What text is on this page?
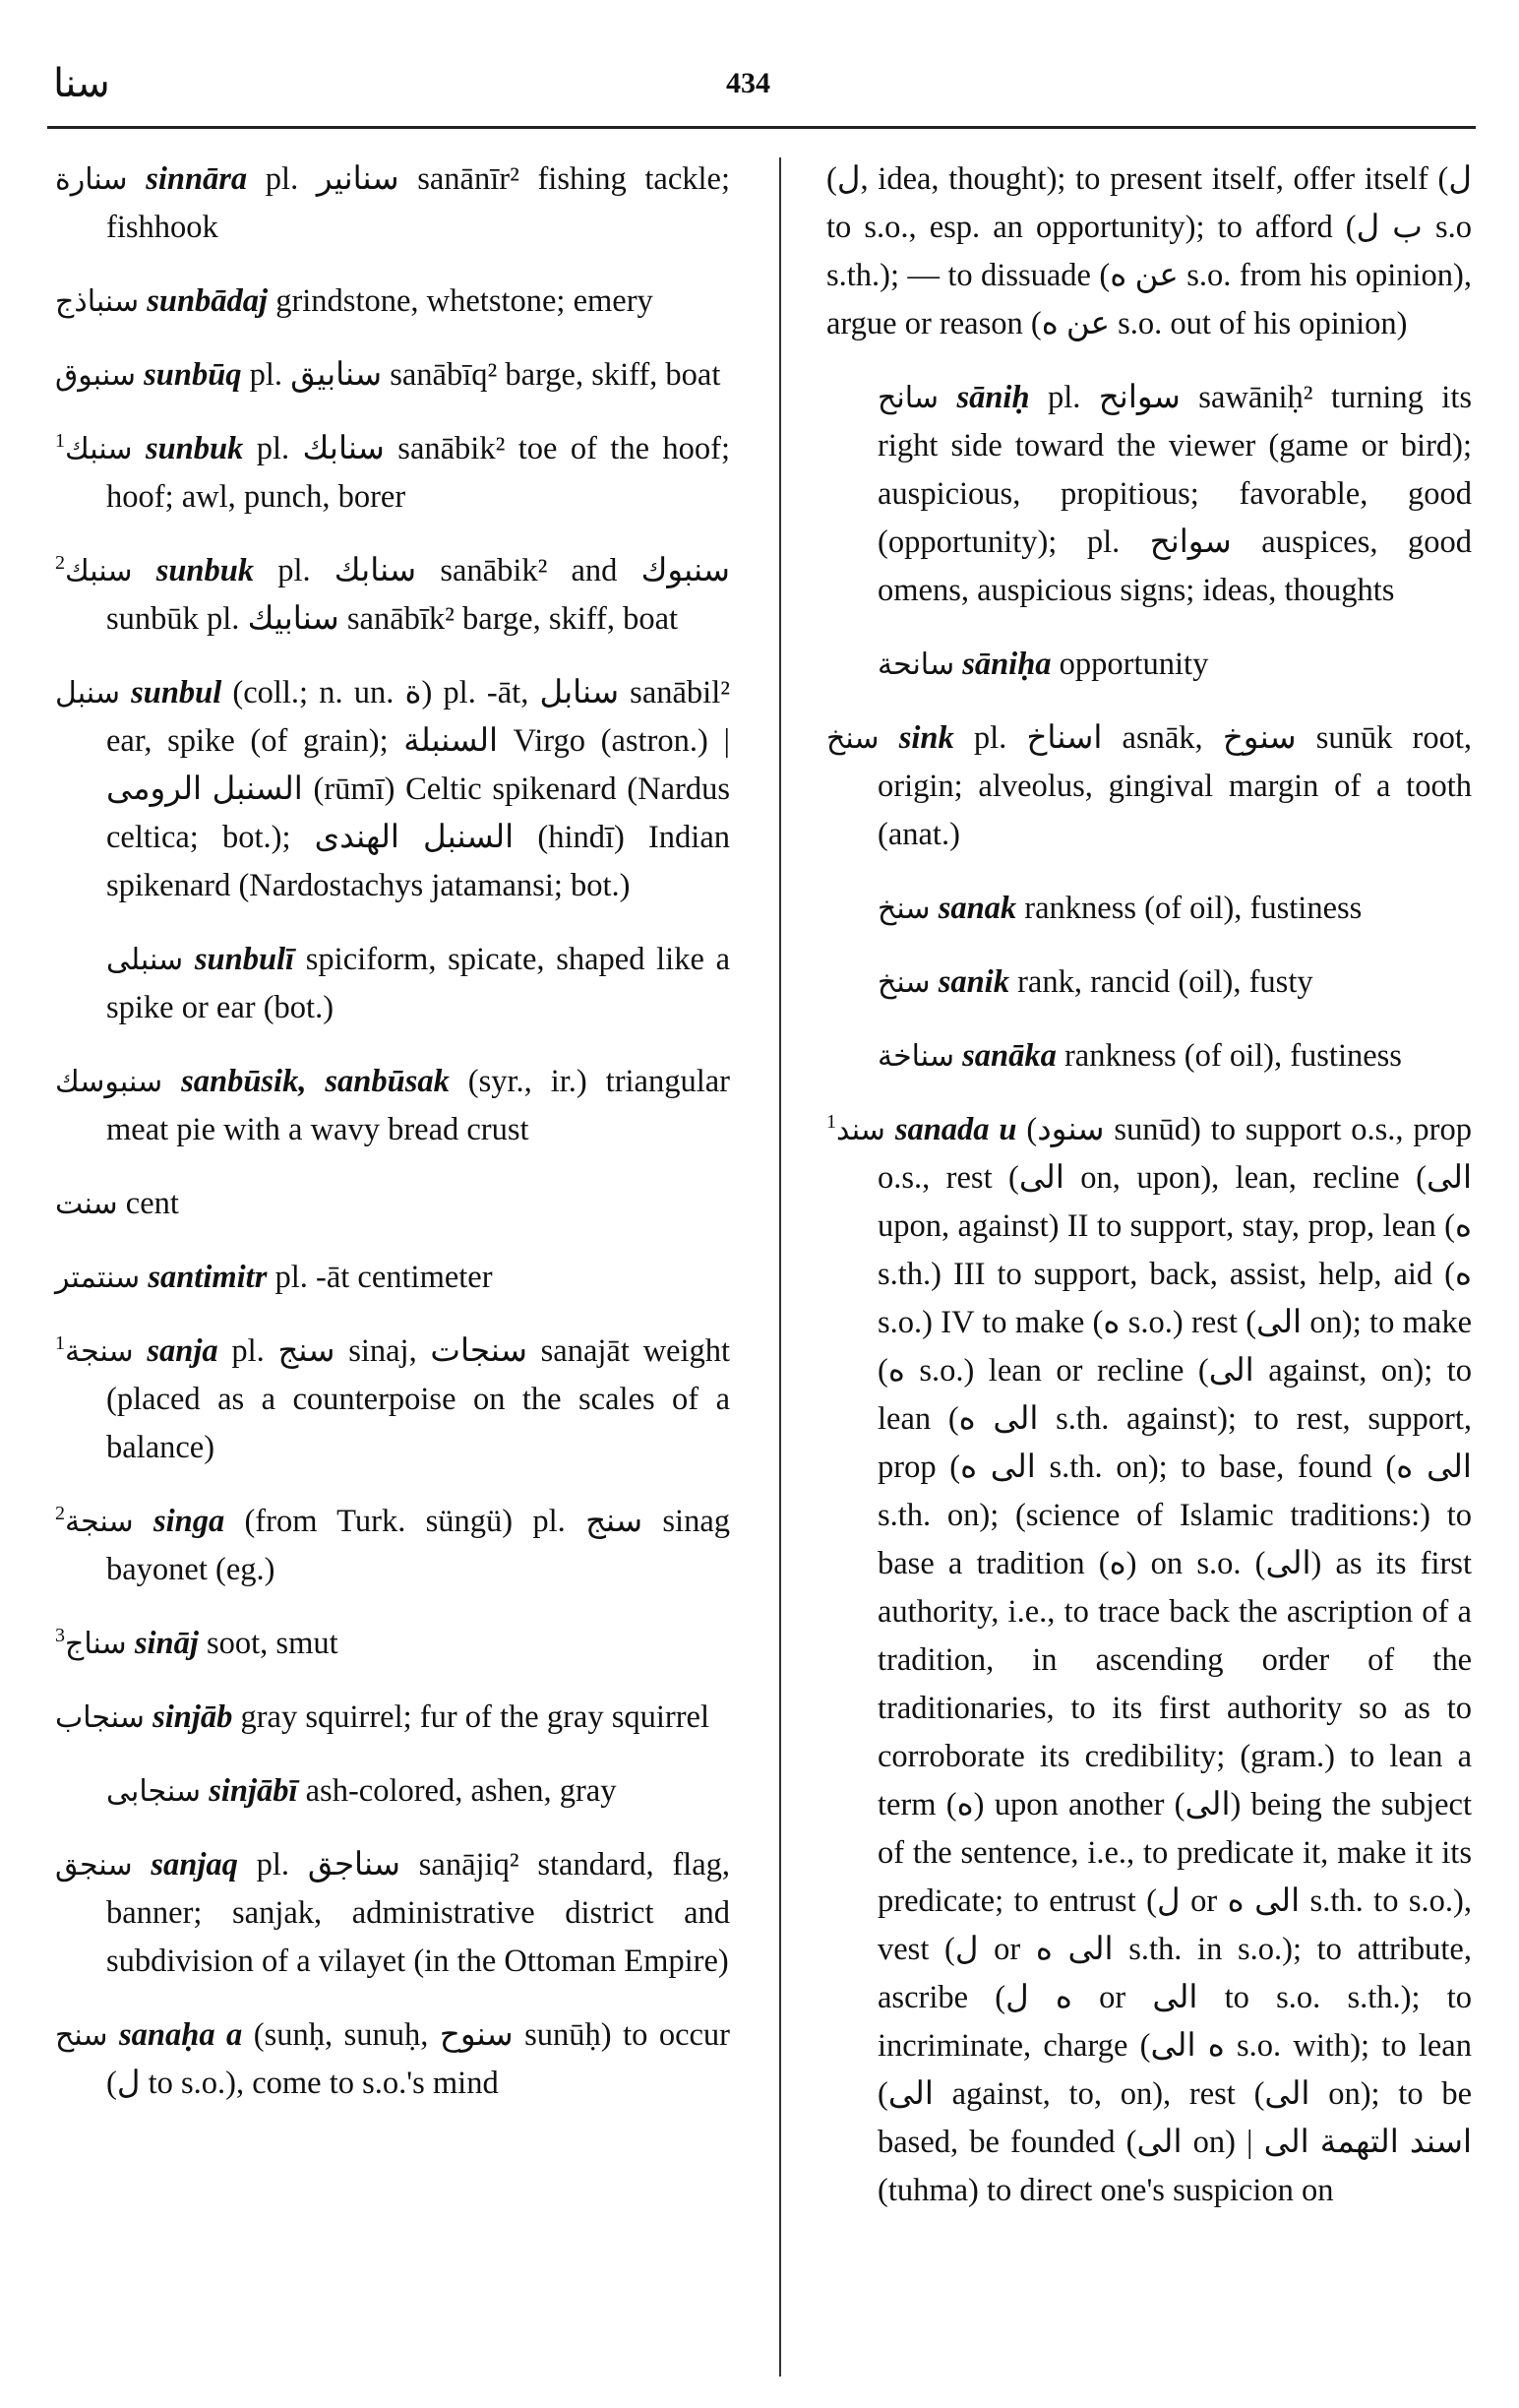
سنا	434

سنارة sinnāra pl. سنانير sanānīr² fishing tackle; fishhook

سنباذج sunbādaj grindstone, whetstone; emery

سنبوق sunbūq pl. سنابيق sanābīq² barge, skiff, boat

$^1$سنبك sunbuk pl. سنابك sanābik² toe of the hoof; hoof; awl, punch, borer

$^2$سنبك sunbuk pl. سنابك sanābik² and سنبوك sunbūk pl. سنابيك sanābīk² barge, skiff, boat

سنبل sunbul (coll.; n. un. ة) pl. -āt, سنابل sanābil² ear, spike (of grain); السنبلة Virgo (astron.) | السنبل الرومى (rūmī) Celtic spikenard (Nardus celtica; bot.); السنبل الهندى (hindī) Indian spikenard (Nardostachys jatamansi; bot.)

سنبلى sunbulī spiciform, spicate, shaped like a spike or ear (bot.)

سنبوسك sanbūsik, sanbūsak (syr., ir.) triangular meat pie with a wavy bread crust

سنت cent

سنتمتر santimitr pl. -āt centimeter

$^1$سنجة sanja pl. سنج sinaj, سنجات sanajāt weight (placed as a counterpoise on the scales of a balance)

$^2$سنجة singa (from Turk. süngü) pl. سنج sinag bayonet (eg.)

$^3$سناج sināj soot, smut

سنجاب sinjāb gray squirrel; fur of the gray squirrel

سنجابى sinjābī ash-colored, ashen, gray

سنجق sanjaq pl. سناجق sanājiq² standard, flag, banner; sanjak, administrative district and subdivision of a vilayet (in the Ottoman Empire)

سنح sanaḥa a (sunḥ, sunuḥ, سنوح sunūḥ) to occur (ل to s.o.), come to s.o.'s mind

(ل, idea, thought); to present itself, offer itself (ل to s.o., esp. an opportunity); to afford (ب ل s.o s.th.); — to dissuade (عن ه s.o. from his opinion), argue or reason (عن ه s.o. out of his opinion)

سانح sāniḥ pl. سوانح sawāniḥ² turning its right side toward the viewer (game or bird); auspicious, propitious; favorable, good (opportunity); pl. سوانح auspices, good omens, auspicious signs; ideas, thoughts

سانحة sāniḥa opportunity

سنخ sink pl. اسناخ asnāk, سنوخ sunūk root, origin; alveolus, gingival margin of a tooth (anat.)

سنخ sanak rankness (of oil), fustiness

سنخ sanik rank, rancid (oil), fusty

سناخة sanāka rankness (of oil), fustiness

$^1$سند sanada u (سنود sunūd) to support o.s., prop o.s., rest (الى on, upon), lean, recline (الى upon, against) II to support, stay, prop, lean (ه s.th.) III to support, back, assist, help, aid (ه s.o.) IV to make (ه s.o.) rest (الى on); to make (ه s.o.) lean or recline (الى against, on); to lean (الى ه s.th. against); to rest, support, prop (الى ه s.th. on); to base, found (الى ه s.th. on); (science of Islamic traditions:) to base a tradition (ه) on s.o. (الى) as its first authority, i.e., to trace back the ascription of a tradition, in ascending order of the traditionaries, to its first authority so as to corroborate its credibility; (gram.) to lean a term (ه) upon another (الى) being the subject of the sentence, i.e., to predicate it, make it its predicate; to entrust (ل or الى ه s.th. to s.o.), vest (ل or الى ه s.th. in s.o.); to attribute, ascribe (ه ل or الى to s.o. s.th.); to incriminate, charge (ه الى s.o. with); to lean (الى against, to, on), rest (الى on); to be based, be founded (الى on) | اسند التهمة الى (tuhma) to direct one's suspicion on
